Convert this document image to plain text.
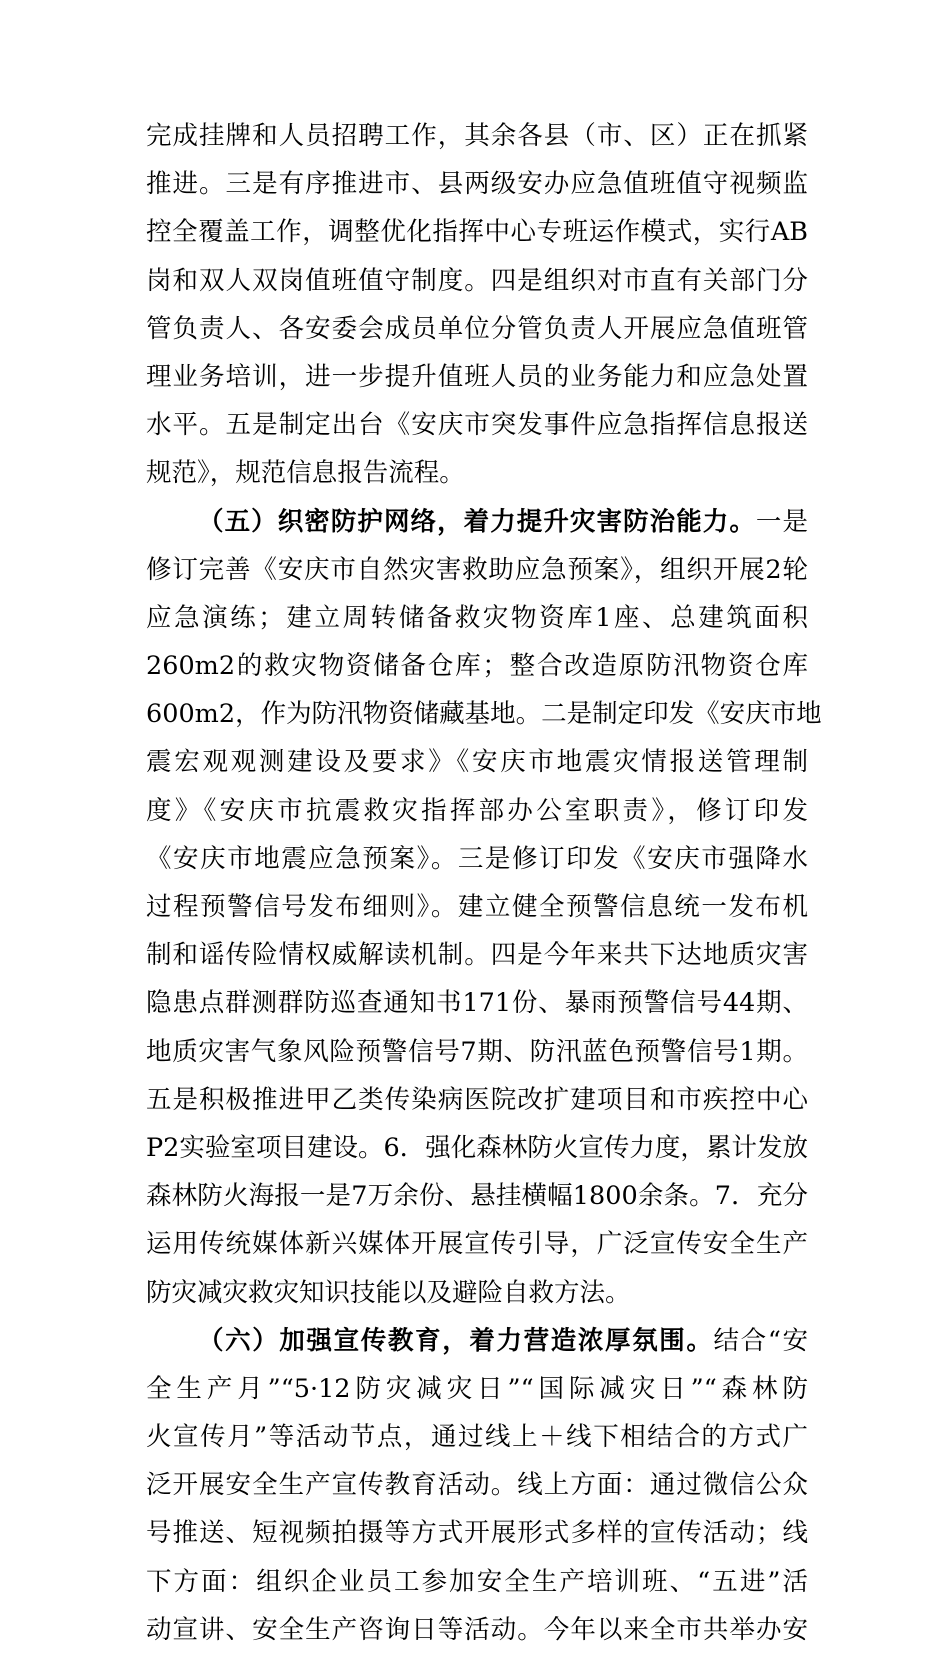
完成挂牌和人员招聘工作，其余各县（市、区）正在抓紧
推进。三是有序推进市、县两级安办应急值班值守视频监
控全覆盖工作，调整优化指挥中心专班运作模式，实行AB
岗和双人双岗值班值守制度。四是组织对市直有关部门分
管负责人、各安委会成员单位分管负责人开展应急值班管
理业务培训，进一步提升值班人员的业务能力和应急处置
水平。五是制定出台《安庆市突发事件应急指挥信息报送
规范》，规范信息报告流程。
（五）织密防护网络，着力提升灾害防治能力。一是
修订完善《安庆市自然灾害救助应急预案》，组织开展2轮
应急演练；建立周转储备救灾物资库1座、总建筑面积
260m2的救灾物资储备仓库；整合改造原防汛物资仓库
600m2，作为防汛物资储藏基地。二是制定印发《安庆市地
震宏观观测建设及要求》《安庆市地震灾情报送管理制
度》《安庆市抗震救灾指挥部办公室职责》，修订印发
《安庆市地震应急预案》。三是修订印发《安庆市强降水
过程预警信号发布细则》。建立健全预警信息统一发布机
制和谣传险情权威解读机制。四是今年来共下达地质灾害
隐患点群测群防巡查通知书171份、暴雨预警信号44期、
地质灾害气象风险预警信号7期、防汛蓝色预警信号1期。
五是积极推进甲乙类传染病医院改扩建项目和市疾控中心
P2实验室项目建设。6．强化森林防火宣传力度，累计发放
森林防火海报一是7万余份、悬挂横幅1800余条。7．充分
运用传统媒体新兴媒体开展宣传引导，广泛宣传安全生产
防灾减灾救灾知识技能以及避险自救方法。
（六）加强宣传教育，着力营造浓厚氛围。结合“安
全生产月”“5·12防灾减灾日”“国际减灾日”“森林防
火宣传月”等活动节点，通过线上＋线下相结合的方式广
泛开展安全生产宣传教育活动。线上方面：通过微信公众
号推送、短视频拍摄等方式开展形式多样的宣传活动；线
下方面：组织企业员工参加安全生产培训班、“五进”活
动宣讲、安全生产咨询日等活动。今年以来全市共举办安
